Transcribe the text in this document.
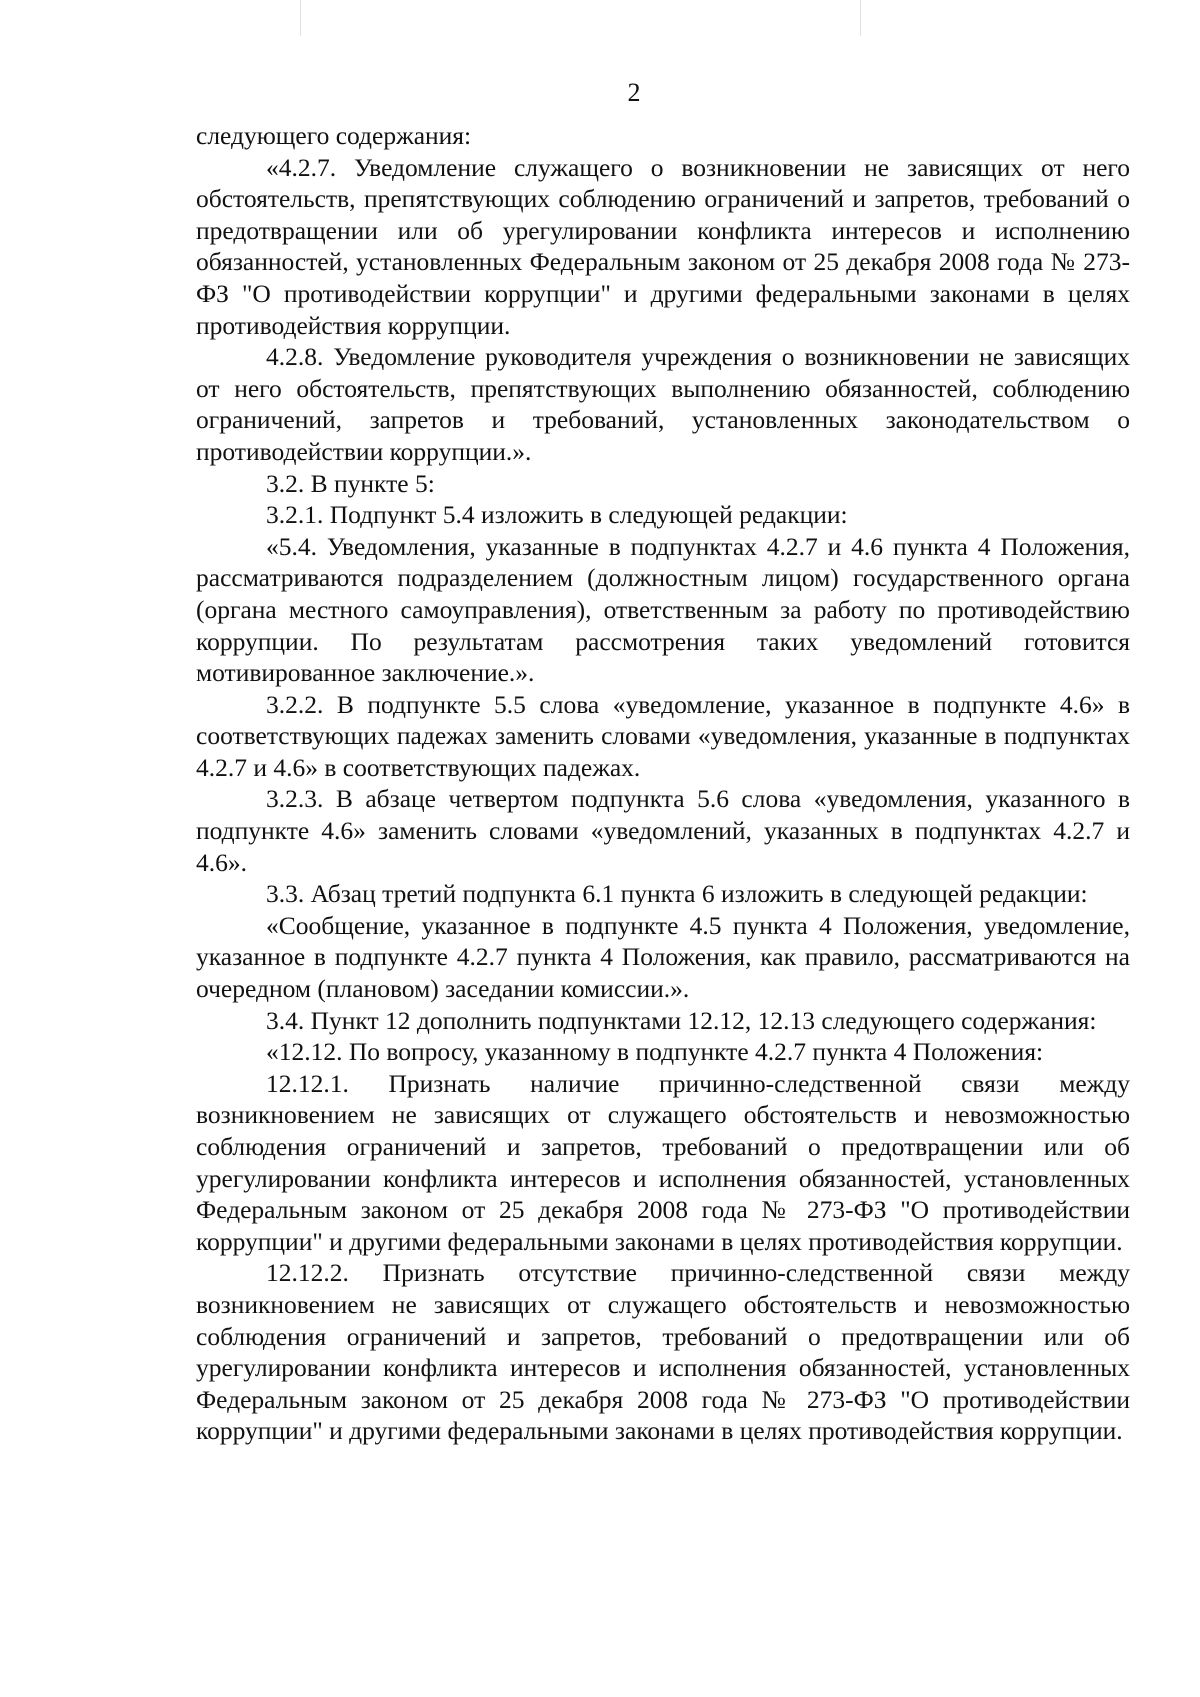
2

следующего содержания:

«4.2.7. Уведомление служащего о возникновении не зависящих от него обстоятельств, препятствующих соблюдению ограничений и запретов, требований о предотвращении или об урегулировании конфликта интересов и исполнению обязанностей, установленных Федеральным законом от 25 декабря 2008 года № 273-ФЗ "О противодействии коррупции" и другими федеральными законами в целях противодействия коррупции.

4.2.8. Уведомление руководителя учреждения о возникновении не зависящих от него обстоятельств, препятствующих выполнению обязанностей, соблюдению ограничений, запретов и требований, установленных законодательством о противодействии коррупции.».

3.2. В пункте 5:

3.2.1. Подпункт 5.4 изложить в следующей редакции:

«5.4. Уведомления, указанные в подпунктах 4.2.7 и 4.6 пункта 4 Положения, рассматриваются подразделением (должностным лицом) государственного органа (органа местного самоуправления), ответственным за работу по противодействию коррупции. По результатам рассмотрения таких уведомлений готовится мотивированное заключение.».

3.2.2. В подпункте 5.5 слова «уведомление, указанное в подпункте 4.6» в соответствующих падежах заменить словами «уведомления, указанные в подпунктах 4.2.7 и 4.6» в соответствующих падежах.

3.2.3. В абзаце четвертом подпункта 5.6 слова «уведомления, указанного в подпункте 4.6» заменить словами «уведомлений, указанных в подпунктах 4.2.7 и 4.6».

3.3. Абзац третий подпункта 6.1 пункта 6 изложить в следующей редакции:

«Сообщение, указанное в подпункте 4.5 пункта 4 Положения, уведомление, указанное в подпункте 4.2.7 пункта 4 Положения, как правило, рассматриваются на очередном (плановом) заседании комиссии.».

3.4. Пункт 12 дополнить подпунктами 12.12, 12.13 следующего содержания:

«12.12. По вопросу, указанному в подпункте 4.2.7 пункта 4 Положения:

12.12.1. Признать наличие причинно-следственной связи между возникновением не зависящих от служащего обстоятельств и невозможностью соблюдения ограничений и запретов, требований о предотвращении или об урегулировании конфликта интересов и исполнения обязанностей, установленных Федеральным законом от 25 декабря 2008 года № 273-ФЗ "О противодействии коррупции" и другими федеральными законами в целях противодействия коррупции.

12.12.2. Признать отсутствие причинно-следственной связи между возникновением не зависящих от служащего обстоятельств и невозможностью соблюдения ограничений и запретов, требований о предотвращении или об урегулировании конфликта интересов и исполнения обязанностей, установленных Федеральным законом от 25 декабря 2008 года № 273-ФЗ "О противодействии коррупции" и другими федеральными законами в целях противодействия коррупции.
